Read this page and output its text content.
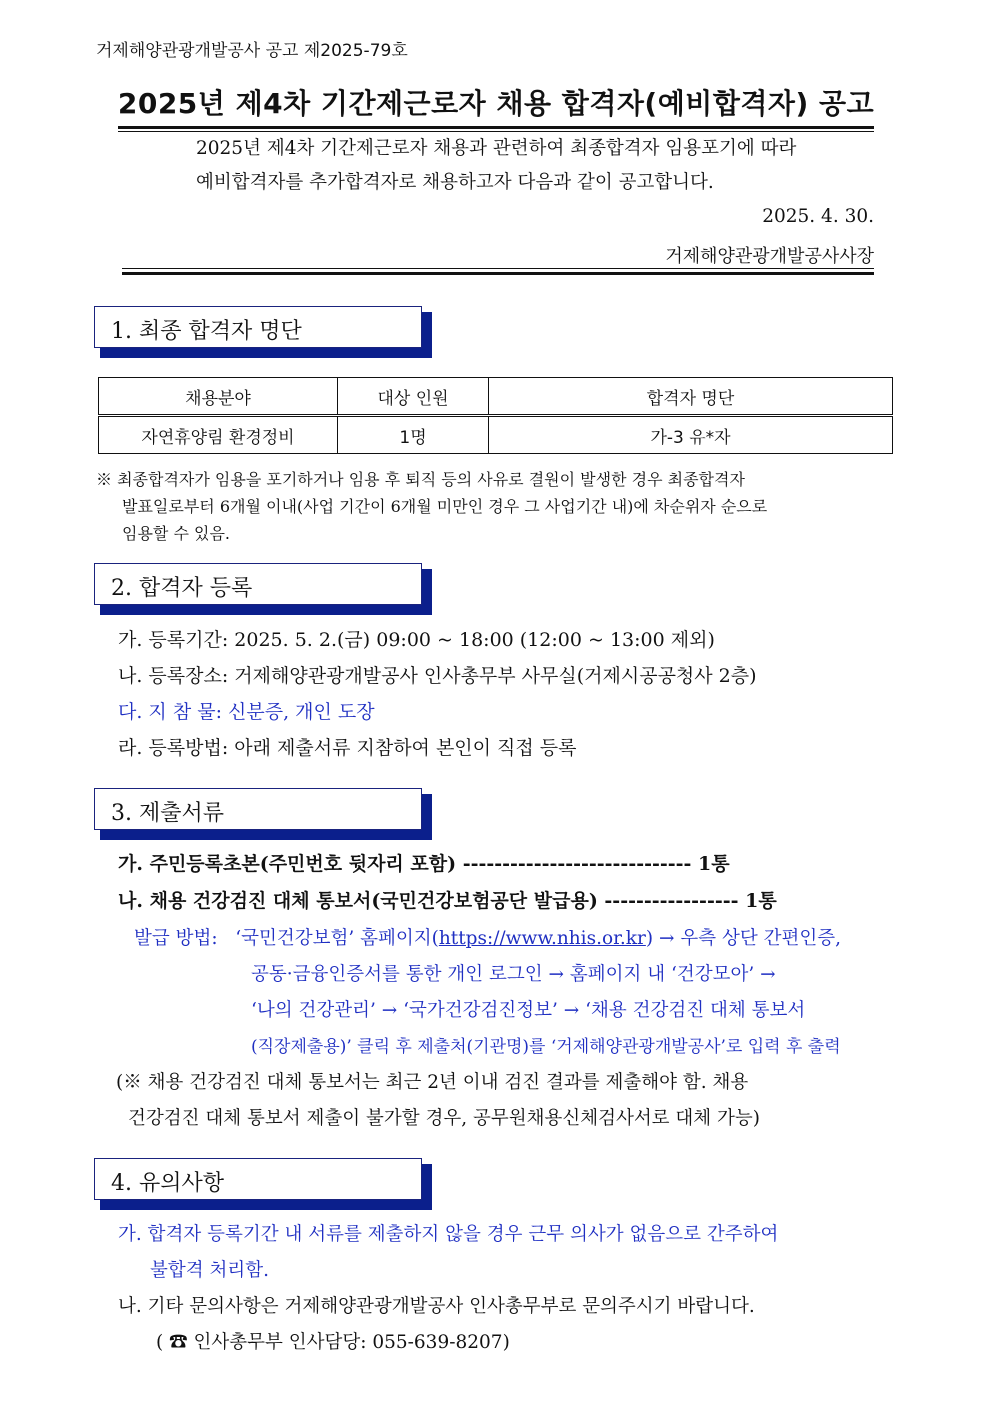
거제해양관광개발공사 공고 제2025-79호
2025년 제4차 기간제근로자 채용 합격자(예비합격자) 공고
2025년 제4차 기간제근로자 채용과 관련하여 최종합격자 임용포기에 따라
예비합격자를 추가합격자로 채용하고자 다음과 같이 공고합니다.
2025. 4. 30.
거제해양관광개발공사사장
1. 최종 합격자 명단
채용분야	대상 인원	합격자 명단
자연휴양림 환경정비	1명	가-3 유*자
※ 최종합격자가 임용을 포기하거나 임용 후 퇴직 등의 사유로 결원이 발생한 경우 최종합격자
발표일로부터 6개월 이내(사업 기간이 6개월 미만인 경우 그 사업기간 내)에 차순위자 순으로
임용할 수 있음.
2. 합격자 등록
가. 등록기간: 2025. 5. 2.(금) 09:00 ~ 18:00 (12:00 ~ 13:00 제외)
나. 등록장소: 거제해양관광개발공사 인사총무부 사무실(거제시공공청사 2층)
다. 지 참 물: 신분증, 개인 도장
라. 등록방법: 아래 제출서류 지참하여 본인이 직접 등록
3. 제출서류
가. 주민등록초본(주민번호 뒷자리 포함) ----------------------------- 1통
나. 채용 건강검진 대체 통보서(국민건강보험공단 발급용) ----------------- 1통
발급 방법: ‘국민건강보험’ 홈페이지(https://www.nhis.or.kr) → 우측 상단 간편인증,
공동·금융인증서를 통한 개인 로그인 → 홈페이지 내 ‘건강모아’ →
‘나의 건강관리’ → ‘국가건강검진정보’ → ‘채용 건강검진 대체 통보서
(직장제출용)’ 클릭 후 제출처(기관명)를 ‘거제해양관광개발공사’로 입력 후 출력
(※ 채용 건강검진 대체 통보서는 최근 2년 이내 검진 결과를 제출해야 함. 채용
건강검진 대체 통보서 제출이 불가할 경우, 공무원채용신체검사서로 대체 가능)
4. 유의사항
가. 합격자 등록기간 내 서류를 제출하지 않을 경우 근무 의사가 없음으로 간주하여
불합격 처리함.
나. 기타 문의사항은 거제해양관광개발공사 인사총무부로 문의주시기 바랍니다.
( ☎ 인사총무부 인사담당: 055-639-8207)
